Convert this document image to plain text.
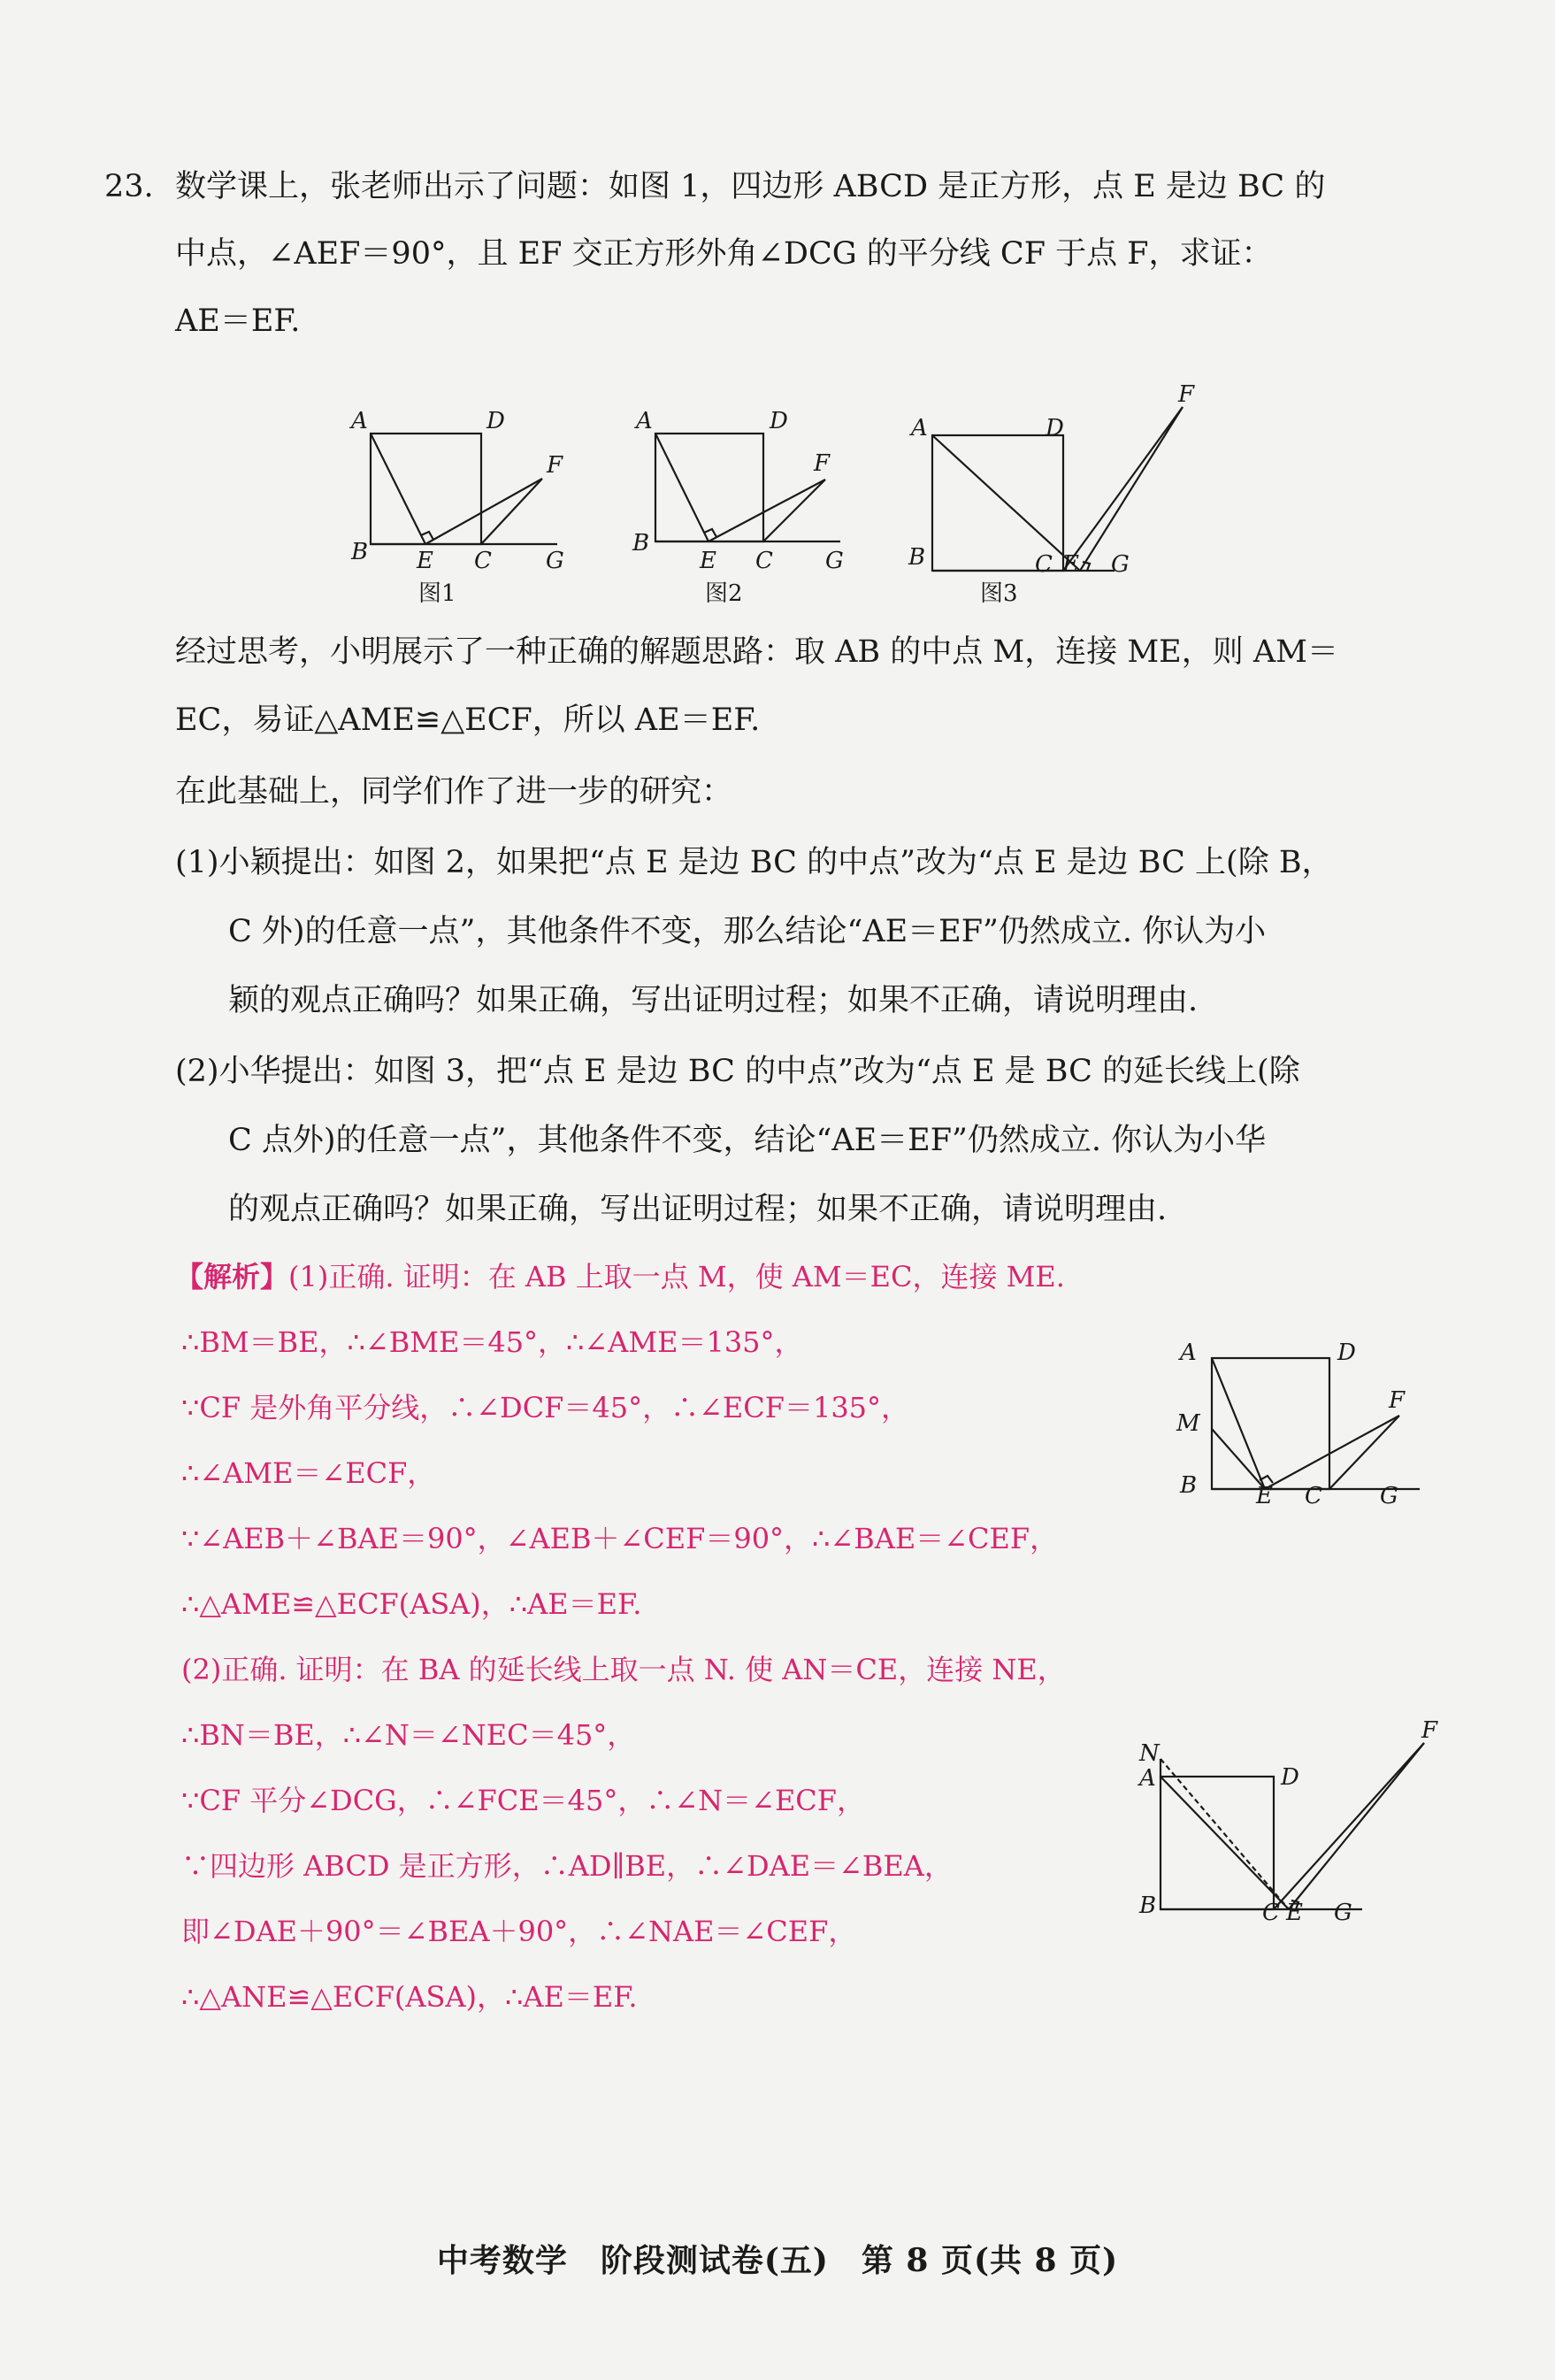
23. 数学课上，张老师出示了问题：如图 1，四边形 ABCD 是正方形，点 E 是边 BC 的
中点，∠AEF＝90°，且 EF 交正方形外角∠DCG 的平分线 CF 于点 F，求证：
AE＝EF.
A	D
B E C
F
G
图1
A	D
B
E C
F
G
图2
A	D
B	C E
F
G
图3
经过思考，小明展示了一种正确的解题思路：取 AB 的中点 M，连接 ME，则 AM＝
EC，易证△AME≌△ECF，所以 AE＝EF.
在此基础上，同学们作了进一步的研究：
(1)小颖提出：如图 2，如果把“点 E 是边 BC 的中点”改为“点 E 是边 BC 上(除 B，
C 外)的任意一点”，其他条件不变，那么结论“AE＝EF”仍然成立. 你认为小
颖的观点正确吗？如果正确，写出证明过程；如果不正确，请说明理由.
(2)小华提出：如图 3，把“点 E 是边 BC 的中点”改为“点 E 是 BC 的延长线上(除
C 点外)的任意一点”，其他条件不变，结论“AE＝EF”仍然成立. 你认为小华
的观点正确吗？如果正确，写出证明过程；如果不正确，请说明理由.
【解析】(1)正确. 证明：在 AB 上取一点 M，使 AM＝EC，连接 ME.
∴BM＝BE，∴∠BME＝45°，∴∠AME＝135°，
∵CF 是外角平分线，∴∠DCF＝45°，∴∠ECF＝135°，
∴∠AME＝∠ECF，
∵∠AEB＋∠BAE＝90°，∠AEB＋∠CEF＝90°，∴∠BAE＝∠CEF，
∴△AME≌△ECF(ASA)，∴AE＝EF.
(2)正确. 证明：在 BA 的延长线上取一点 N. 使 AN＝CE，连接 NE，
∴BN＝BE，∴∠N＝∠NEC＝45°，
∵CF 平分∠DCG，∴∠FCE＝45°，∴∠N＝∠ECF，
∵四边形 ABCD 是正方形，∴AD∥BE，∴∠DAE＝∠BEA，
即∠DAE＋90°＝∠BEA＋90°，∴∠NAE＝∠CEF，
∴△ANE≌△ECF(ASA)，∴AE＝EF.
A	D
M
B	E C
F
G
N
A	D
B	C E
F
G
中考数学　阶段测试卷(五)　第 8 页(共 8 页)
